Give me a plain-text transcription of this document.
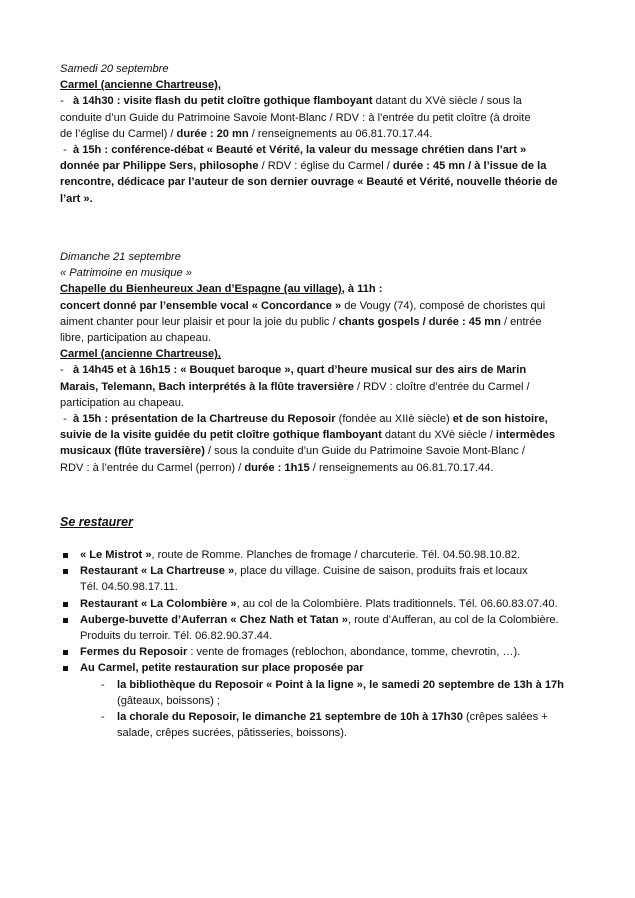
Samedi 20 septembre
Carmel (ancienne Chartreuse),
- à 14h30 : visite flash du petit cloître gothique flamboyant datant du XVè siècle / sous la
conduite d’un Guide du Patrimoine Savoie Mont-Blanc / RDV : à l’entrée du petit cloître (à droite
de l’église du Carmel) / durée : 20 mn / renseignements au 06.81.70.17.44.
- à 15h : conférence-débat « Beauté et Vérité, la valeur du message chrétien dans l’art »
donnée par Philippe Sers, philosophe / RDV : église du Carmel / durée : 45 mn / à l’issue de la
rencontre, dédicace par l’auteur de son dernier ouvrage « Beauté et Vérité, nouvelle théorie de
l’art ».
Dimanche 21 septembre
« Patrimoine en musique »
Chapelle du Bienheureux Jean d’Espagne (au village), à 11h :
concert donné par l’ensemble vocal « Concordance » de Vougy (74), composé de choristes qui
aiment chanter pour leur plaisir et pour la joie du public / chants gospels / durée : 45 mn / entrée
libre, participation au chapeau.
Carmel (ancienne Chartreuse),
- à 14h45 et à 16h15 : « Bouquet baroque », quart d’heure musical sur des airs de Marin
Marais, Telemann, Bach interprétés à la flûte traversière / RDV : cloître d’entrée du Carmel /
participation au chapeau.
- à 15h : présentation de la Chartreuse du Reposoir (fondée au XIIè siècle) et de son histoire,
suivie de la visite guidée du petit cloître gothique flamboyant datant du XVè siècle / intermèdes
musicaux (flûte traversière) / sous la conduite d’un Guide du Patrimoine Savoie Mont-Blanc /
RDV : à l’entrée du Carmel (perron) / durée : 1h15 / renseignements au 06.81.70.17.44.
Se restaurer
« Le Mistrot », route de Romme. Planches de fromage / charcuterie. Tél. 04.50.98.10.82.
Restaurant « La Chartreuse », place du village. Cuisine de saison, produits frais et locaux
Tél. 04.50.98.17.11.
Restaurant « La Colombière », au col de la Colombière. Plats traditionnels. Tél. 06.60.83.07.40.
Auberge-buvette d’Auferran « Chez Nath et Tatan », route d’Aufferan, au col de la Colombière.
Produits du terroir. Tél. 06.82.90.37.44.
Fermes du Reposoir : vente de fromages (reblochon, abondance, tomme, chevrotin, …).
Au Carmel, petite restauration sur place proposée par
- la bibliothèque du Reposoir « Point à la ligne », le samedi 20 septembre de 13h à 17h
(gâteaux, boissons) ;
- la chorale du Reposoir, le dimanche 21 septembre de 10h à 17h30 (crêpes salées +
salade, crêpes sucrées, pâtisseries, boissons).
